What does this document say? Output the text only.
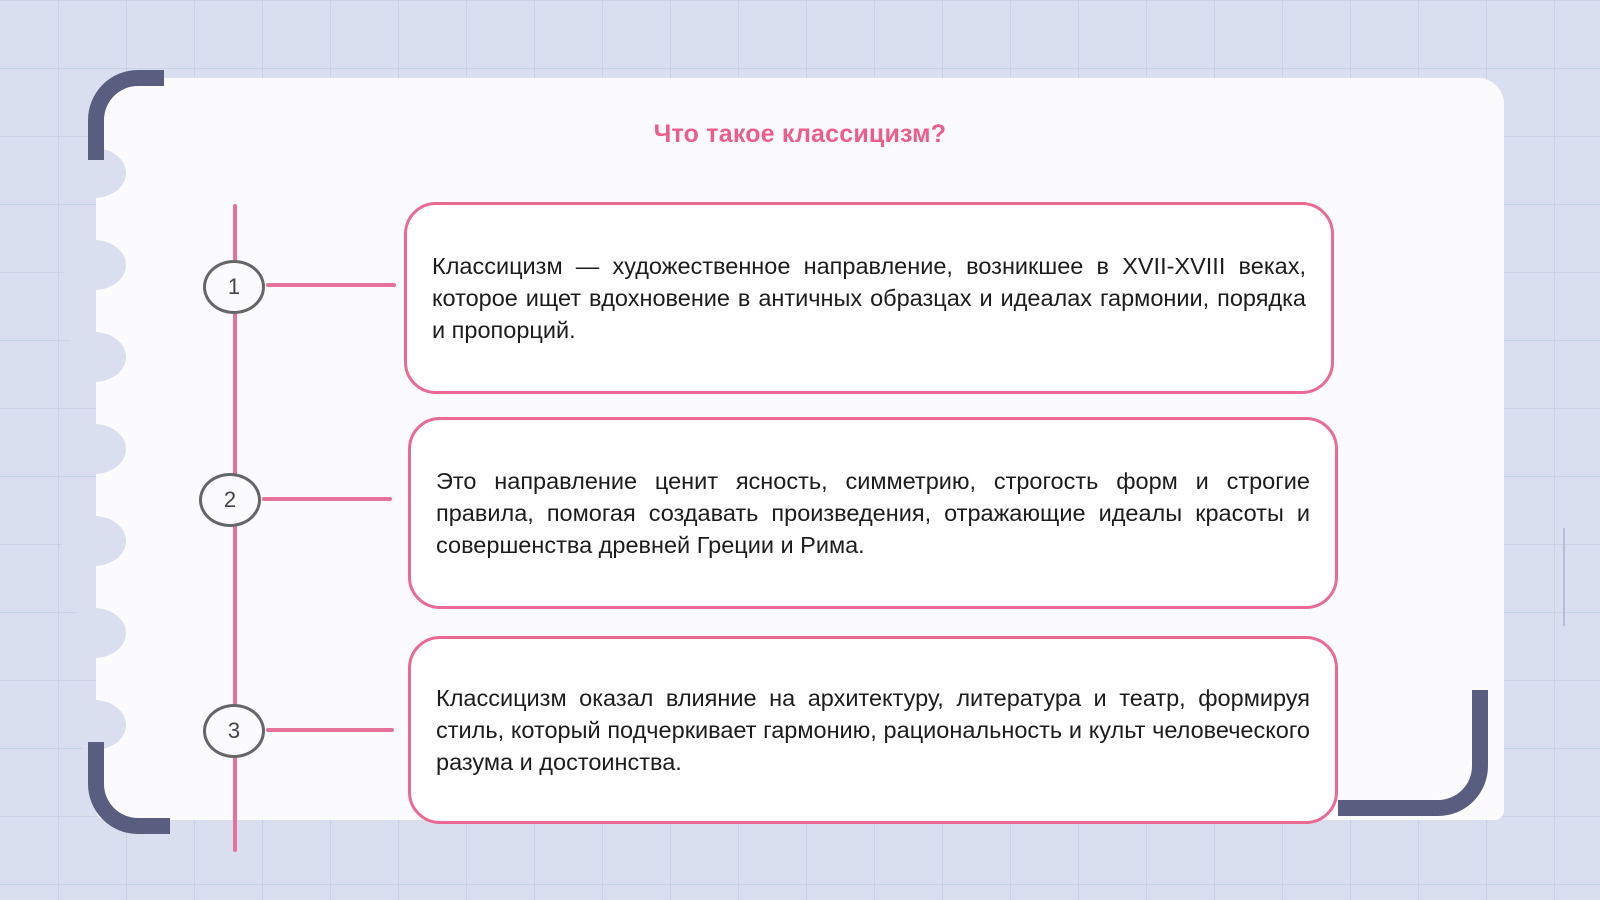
Что такое классицизм?
1
2
3

Классицизм — художественное направление, возникшее в XVII-XVIII веках, которое ищет вдохновение в античных образцах и идеалах гармонии, порядка и пропорций.

Это направление ценит ясность, симметрию, строгость форм и строгие правила, помогая создавать произведения, отражающие идеалы красоты и совершенства древней Греции и Рима.

Классицизм оказал влияние на архитектуру, литература и театр, формируя стиль, который подчеркивает гармонию, рациональность и культ человеческого разума и достоинства.
